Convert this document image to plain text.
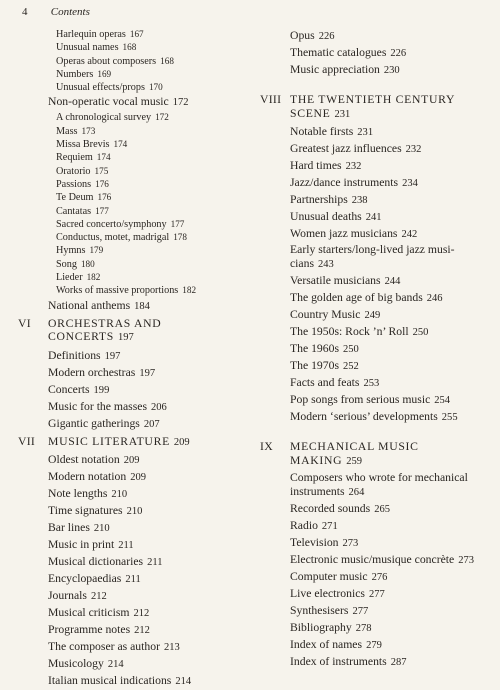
4 Contents
Harlequin operas 167
Unusual names 168
Operas about composers 168
Numbers 169
Unusual effects/props 170
Non-operatic vocal music 172
A chronological survey 172
Mass 173
Missa Brevis 174
Requiem 174
Oratorio 175
Passions 176
Te Deum 176
Cantatas 177
Sacred concerto/symphony 177
Conductus, motet, madrigal 178
Hymns 179
Song 180
Lieder 182
Works of massive proportions 182
National anthems 184
VI ORCHESTRAS AND
CONCERTS 197
Definitions 197
Modern orchestras 197
Concerts 199
Music for the masses 206
Gigantic gatherings 207
VII MUSIC LITERATURE 209
Oldest notation 209
Modern notation 209
Note lengths 210
Time signatures 210
Bar lines 210
Music in print 211
Musical dictionaries 211
Encyclopaedias 211
Journals 212
Musical criticism 212
Programme notes 212
The composer as author 213
Musicology 214
Italian musical indications 214
Opus 226
Thematic catalogues 226
Music appreciation 230
VIII THE TWENTIETH CENTURY
SCENE 231
Notable firsts 231
Greatest jazz influences 232
Hard times 232
Jazz/dance instruments 234
Partnerships 238
Unusual deaths 241
Women jazz musicians 242
Early starters/long-lived jazz musi-
cians 243
Versatile musicians 244
The golden age of big bands 246
Country Music 249
The 1950s: Rock ’n’ Roll 250
The 1960s 250
The 1970s 252
Facts and feats 253
Pop songs from serious music 254
Modern ‘serious’ developments 255
IX MECHANICAL MUSIC
MAKING 259
Composers who wrote for mechanical
instruments 264
Recorded sounds 265
Radio 271
Television 273
Electronic music/musique concrète 273
Computer music 276
Live electronics 277
Synthesisers 277
Bibliography 278
Index of names 279
Index of instruments 287
